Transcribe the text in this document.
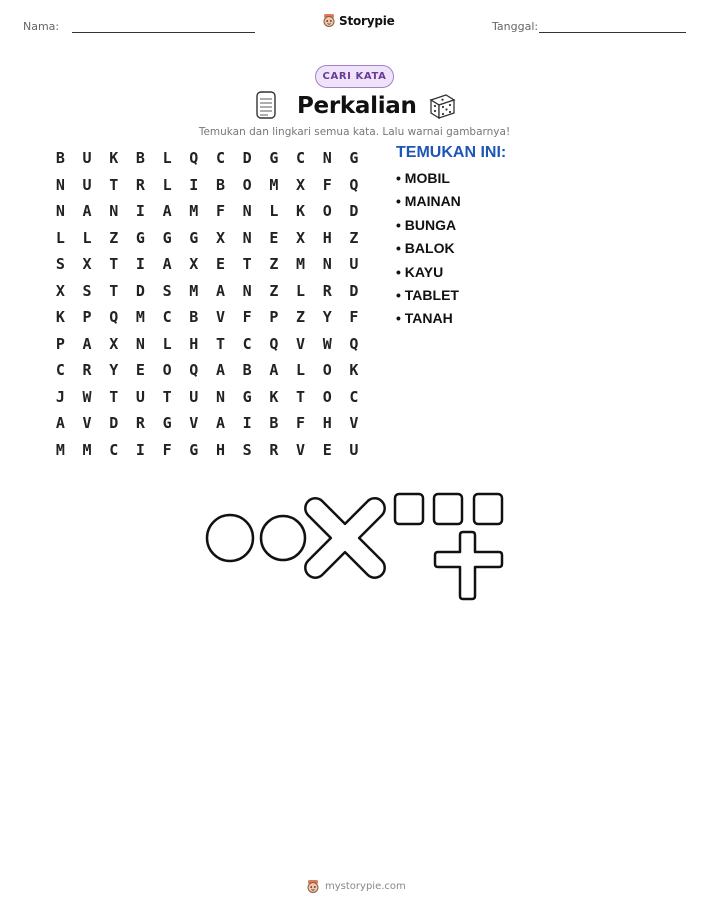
Nama:	Storypie	Tanggal:
CARI KATA
Perkalian
Temukan dan lingkari semua kata. Lalu warnai gambarnya!
B	U	K	B	L	Q	C	D	G	C	N	G
N	U	T	R	L	I	B	O	M	X	F	Q
N	A	N	I	A	M	F	N	L	K	O	D
L	L	Z	G	G	G	X	N	E	X	H	Z
S	X	T	I	A	X	E	T	Z	M	N	U
X	S	T	D	S	M	A	N	Z	L	R	D
K	P	Q	M	C	B	V	F	P	Z	Y	F
P	A	X	N	L	H	T	C	Q	V	W	Q
C	R	Y	E	O	Q	A	B	A	L	O	K
J	W	T	U	T	U	N	G	K	T	O	C
A	V	D	R	G	V	A	I	B	F	H	V
M	M	C	I	F	G	H	S	R	V	E	U
TEMUKAN INI:
• MOBIL
• MAINAN
• BUNGA
• BALOK
• KAYU
• TABLET
• TANAH
mystorypie.com
